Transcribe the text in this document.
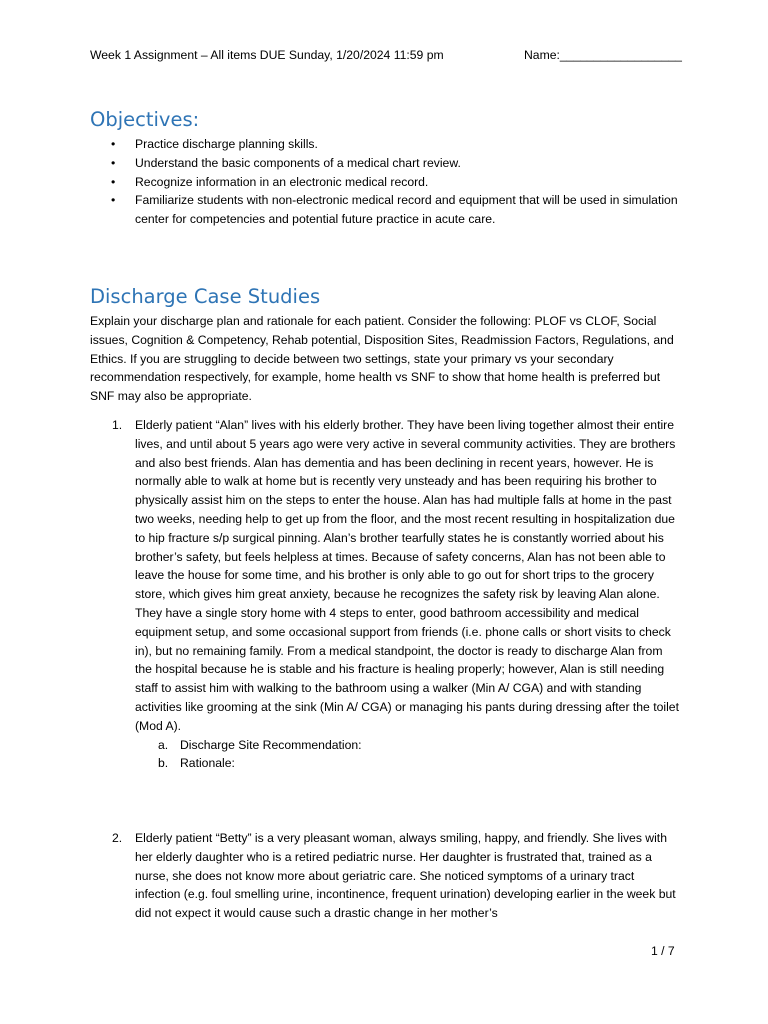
Week 1 Assignment – All items DUE Sunday, 1/20/2024 11:59 pm	Name:__________________
Objectives:
• Practice discharge planning skills.
• Understand the basic components of a medical chart review.
• Recognize information in an electronic medical record.
• Familiarize students with non-electronic medical record and equipment that will be used in simulation center for competencies and potential future practice in acute care.
Discharge Case Studies
Explain your discharge plan and rationale for each patient. Consider the following: PLOF vs CLOF, Social issues, Cognition & Competency, Rehab potential, Disposition Sites, Readmission Factors, Regulations, and Ethics. If you are struggling to decide between two settings, state your primary vs your secondary recommendation respectively, for example, home health vs SNF to show that home health is preferred but SNF may also be appropriate.
1. Elderly patient “Alan” lives with his elderly brother. They have been living together almost their entire lives, and until about 5 years ago were very active in several community activities. They are brothers and also best friends. Alan has dementia and has been declining in recent years, however. He is normally able to walk at home but is recently very unsteady and has been requiring his brother to physically assist him on the steps to enter the house. Alan has had multiple falls at home in the past two weeks, needing help to get up from the floor, and the most recent resulting in hospitalization due to hip fracture s/p surgical pinning. Alan’s brother tearfully states he is constantly worried about his brother’s safety, but feels helpless at times. Because of safety concerns, Alan has not been able to leave the house for some time, and his brother is only able to go out for short trips to the grocery store, which gives him great anxiety, because he recognizes the safety risk by leaving Alan alone. They have a single story home with 4 steps to enter, good bathroom accessibility and medical equipment setup, and some occasional support from friends (i.e. phone calls or short visits to check in), but no remaining family. From a medical standpoint, the doctor is ready to discharge Alan from the hospital because he is stable and his fracture is healing properly; however, Alan is still needing staff to assist him with walking to the bathroom using a walker (Min A/ CGA) and with standing activities like grooming at the sink (Min A/ CGA) or managing his pants during dressing after the toilet (Mod A).
a. Discharge Site Recommendation:
b. Rationale:
2. Elderly patient “Betty” is a very pleasant woman, always smiling, happy, and friendly. She lives with her elderly daughter who is a retired pediatric nurse. Her daughter is frustrated that, trained as a nurse, she does not know more about geriatric care. She noticed symptoms of a urinary tract infection (e.g. foul smelling urine, incontinence, frequent urination) developing earlier in the week but did not expect it would cause such a drastic change in her mother’s
1 / 7
